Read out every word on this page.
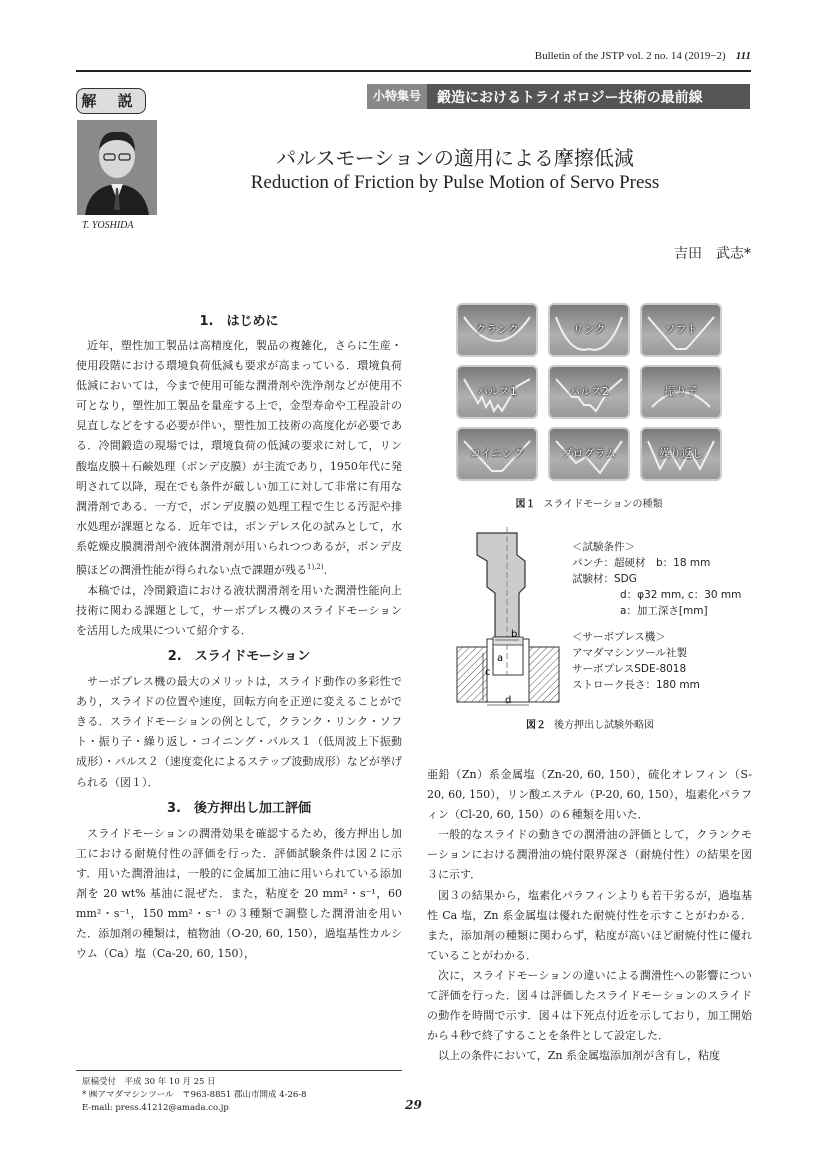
Bulletin of the JSTP vol. 2 no. 14 (2019−2) 111
解 説	小特集号	鍛造におけるトライボロジー技術の最前線
T. YOSHIDA
パルスモーションの適用による摩擦低減
Reduction of Friction by Pulse Motion of Servo Press
吉田　武志*
1.　はじめに

近年，塑性加工製品は高精度化，製品の複雑化，さらに生産・使用段階における環境負荷低減も要求が高まっている．環境負荷低減においては，今まで使用可能な潤滑剤や洗浄剤などが使用不可となり，塑性加工製品を量産する上で，金型寿命や工程設計の見直しなどをする必要が伴い，塑性加工技術の高度化が必要である．冷間鍛造の現場では，環境負荷の低減の要求に対して，リン酸塩皮膜＋石鹸処理（ボンデ皮膜）が主流であり，1950年代に発明されて以降，現在でも条件が厳しい加工に対して非常に有用な潤滑剤である．一方で，ボンデ皮膜の処理工程で生じる汚泥や排水処理が課題となる．近年では，ボンデレス化の試みとして，水系乾燥皮膜潤滑剤や液体潤滑剤が用いられつつあるが，ボンデ皮膜ほどの潤滑性能が得られない点で課題が残る$^{1),2)}$．

本稿では，冷間鍛造における液状潤滑剤を用いた潤滑性能向上技術に関わる課題として，サーボプレス機のスライドモーションを活用した成果について紹介する．

2.　スライドモーション

サーボプレス機の最大のメリットは，スライド動作の多彩性であり，スライドの位置や速度，回転方向を正逆に変えることができる．スライドモーションの例として，クランク・リンク・ソフト・振り子・繰り返し・コイニング・パルス１（低周波上下振動成形）・パルス２（速度変化によるステップ波動成形）などが挙げられる（図１）．

3.　後方押出し加工評価

スライドモーションの潤滑効果を確認するため，後方押出し加工における耐焼付性の評価を行った．評価試験条件は図２に示す．用いた潤滑油は，一般的に金属加工油に用いられている添加剤を 20 wt% 基油に混ぜた．また，粘度を 20 mm²・s⁻¹，60 mm²・s⁻¹，150 mm²・s⁻¹ の３種類で調整した潤滑油を用いた．添加剤の種類は，植物油（O-20, 60, 150），過塩基性カルシウム（Ca）塩（Ca-20, 60, 150），

クランク	リンク	ソフト
パルス1	パルス2	振り子
コイニング	プログラム	繰り返し
図１ スライドモーションの種類
b
a
c
d
＜試験条件＞
パンチ：超硬材　b：18 mm
試験材：SDG
d：φ32 mm, c：30 mm
a：加工深さ[mm]
＜サーボプレス機＞
アマダマシンツール社製
サーボプレスSDE-8018
ストローク長さ：180 mm
図２ 後方押出し試験外略図

亜鉛（Zn）系金属塩（Zn-20, 60, 150），硫化オレフィン（S-20, 60, 150），リン酸エステル（P-20, 60, 150），塩素化パラフィン（Cl-20, 60, 150）の６種類を用いた．

一般的なスライドの動きでの潤滑油の評価として，クランクモーションにおける潤滑油の焼付限界深さ（耐焼付性）の結果を図３に示す．

図３の結果から，塩素化パラフィンよりも若干劣るが，過塩基性 Ca 塩，Zn 系金属塩は優れた耐焼付性を示すことがわかる．また，添加剤の種類に関わらず，粘度が高いほど耐焼付性に優れていることがわかる．

次に，スライドモーションの違いによる潤滑性への影響について評価を行った．図４は評価したスライドモーションのスライドの動作を時間で示す．図４は下死点付近を示しており，加工開始から４秒で終了することを条件として設定した．

以上の条件において，Zn 系金属塩添加剤が含有し，粘度

原稿受付　平成 30 年 10 月 25 日
* ㈱アマダマシンツール　〒963-8851 郡山市開成 4-26-8
E-mail: press.41212@amada.co.jp	29
